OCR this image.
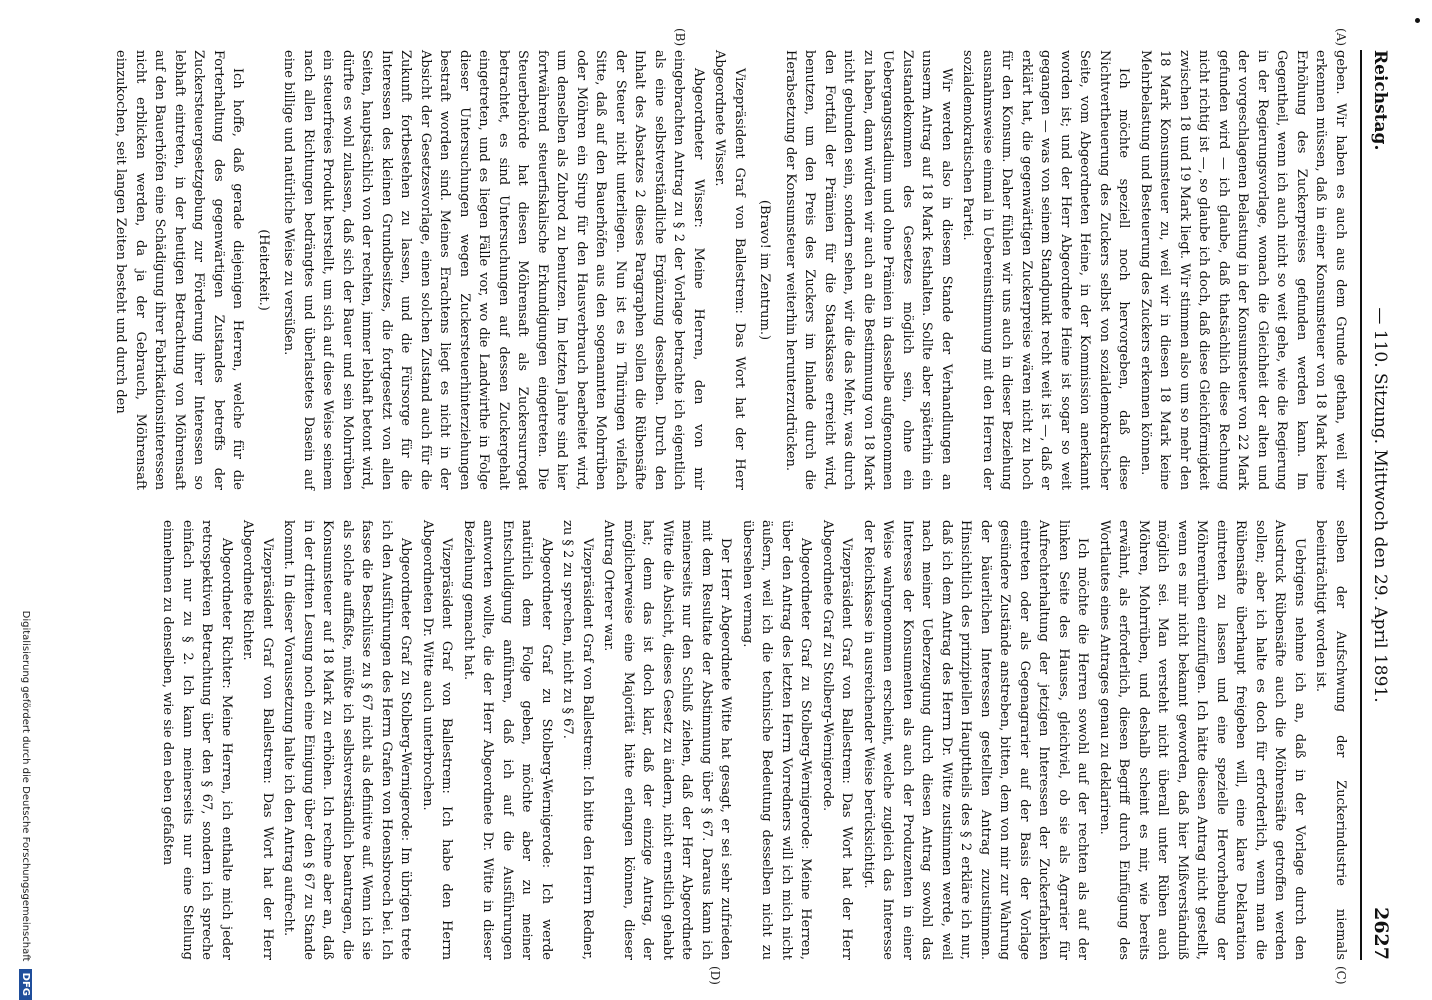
Reichstag.
— 110. Sitzung. Mittwoch den 29. April 1891.
2627
(A)
(B)
(C)
(D)

geben. Wir haben es auch aus dem Grunde gethan, weil wir erkennen müssen, daß in einer Konsumsteuer von 18 Mark keine Erhöhung des Zuckerpreises gefunden werden kann. Im Gegentheil, wenn ich auch nicht so weit gehe, wie die Regierung in der Regierungsvorlage, wonach die Gleichheit der alten und der vorgeschlagenen Belastung in der Konsumsteuer von 22 Mark gefunden wird — ich glaube, daß thatsächlich diese Rechnung nicht richtig ist —, so glaube ich doch, daß diese Gleichförmigkeit zwischen 18 und 19 Mark liegt. Wir stimmen also um so mehr den 18 Mark Konsumsteuer zu, weil wir in diesen 18 Mark keine Mehrbelastung und Besteuerung des Zuckers erkennen können.

Ich möchte speziell noch hervorgeben, daß diese Nichtvertheuerung des Zuckers selbst von sozialdemokratischer Seite, vom Abgeordneten Heine, in der Kommission anerkannt worden ist; und der Herr Abgeordnete Heine ist sogar so weit gegangen — was von seinem Standpunkt recht weit ist —, daß er erklärt hat, die gegenwärtigen Zuckerpreise wären nicht zu hoch für den Konsum. Daher fühlen wir uns auch in dieser Beziehung ausnahmsweise einmal in Uebereinstimmung mit den Herren der sozialdemokratischen Partei.

Wir werden also in diesem Stande der Verhandlungen an unserm Antrag auf 18 Mark festhalten. Sollte aber späterhin ein Zustandekommen des Gesetzes möglich sein, ohne ein Uebergangsstadium und ohne Prämien in dasselbe aufgenommen zu haben, dann würden wir auch an die Bestimmung von 18 Mark nicht gebunden sein, sondern sehen, wir die das Mehr, was durch den Fortfall der Prämien für die Staatskasse erreicht wird, benutzen, um den Preis des Zuckers im Inlande durch die Herabsetzung der Konsumsteuer weiterhin herunterzudrücken.

(Bravo! im Zentrum.)

Vizepräsident Graf von Ballestrem: Das Wort hat der Herr Abgeordnete Wisser.

Abgeordneter Wisser: Meine Herren, den von mir eingebrachten Antrag zu § 2 der Vorlage betrachte ich eigentlich als eine selbstverständliche Ergänzung desselben. Durch den Inhalt des Absatzes 2 dieses Paragraphen sollen die Rübensäfte der Steuer nicht unterliegen. Nun ist es in Thüringen vielfach Sitte, daß auf den Bauerhöfen aus den sogenannten Mohrrüben oder Möhren ein Sirup für den Hausverbrauch bearbeitet wird, um denselben als Zubrod zu benutzen. Im letzten Jahre sind hier fortwährend steuerfiskalische Erkundigungen eingetreten. Die Steuerbehörde hat diesen Möhrensaft als Zuckersurrogat betrachtet, es sind Untersuchungen auf dessen Zuckergehalt eingetreten, und es liegen Fälle vor, wo die Landwirthe in Folge dieser Untersuchungen wegen Zuckersteuerhinterziehungen bestraft worden sind. Meines Erachtens liegt es nicht in der Absicht der Gesetzesvorlage, einen solchen Zustand auch für die Zukunft fortbestehen zu lassen, und die Fürsorge für die Interessen des kleinen Grundbesitzes, die fortgesetzt von allen Seiten, hauptsächlich von der rechten, immer lebhaft betont wird, dürfte es wohl zulassen, daß sich der Bauer und sein Mohrrüben ein steuerfreies Produkt herstellt, um sich auf diese Weise seinem nach allen Richtungen bedrängtes und überlastetes Dasein auf eine billige und natürliche Weise zu versüßen.

(Heiterkeit.)

Ich hoffe, daß gerade diejenigen Herren, welche für die Forterhaltung des gegenwärtigen Zustandes betreffs der Zuckersteuergesetzgebung zur Förderung ihrer Interessen so lebhaft eintreten, in der heutigen Betrachtung von Möhrensaft auf den Bauerhöfen eine Schädigung ihrer Fabrikationsinteressen nicht erblicken werden, da ja der Gebrauch, Möhrensaft einzukochen, seit langen Zeiten besteht und durch den

selben der Aufschwung der Zuckerindustrie niemals beeinträchtigt worden ist.

Uebrigens nehme ich an, daß in der Vorlage durch den Ausdruck Rübensäfte auch die Möhrensäfte getroffen werden sollen; aber ich halte es doch für erforderlich, wenn man die Rübensäfte überhaupt freigeben will, eine klare Deklaration eintreten zu lassen und eine spezielle Hervorhebung der Möhrenrüben einzufügen. Ich hätte diesen Antrag nicht gestellt, wenn es mir nicht bekannt geworden, daß hier Mißverständniß möglich sei. Man versteht nicht überall unter Rüben auch Möhren, Mohrrüben, und deshalb scheint es mir, wie bereits erwähnt, als erforderlich, diesen Begriff durch Einfügung des Wortlautes eines Antrages genau zu deklariren.

Ich möchte die Herren sowohl auf der rechten als auf der linken Seite des Hauses, gleichviel, ob sie als Agrarier für Aufrechterhaltung der jetzigen Interessen der Zuckerfabriken eintreten oder als Gegenagrarier auf der Basis der Vorlage gesündere Zustände anstreben, bitten, dem von mir zur Wahrung der bäuerlichen Interessen gestellten Antrag zuzustimmen. Hinsichtlich des prinzipiellen Haupttheils des § 2 erkläre ich nur, daß ich dem Antrag des Herrn Dr. Witte zustimmen werde, weil nach meiner Ueberzeugung durch diesen Antrag sowohl das Interesse der Konsumenten als auch der Produzenten in einer Weise wahrgenommen erscheint, welche zugleich das Interesse der Reichskasse in ausreichender Weise berücksichtigt.

Vizepräsident Graf von Ballestrem: Das Wort hat der Herr Abgeordnete Graf zu Stolberg-Wernigerode.

Abgeordneter Graf zu Stolberg-Wernigerode: Meine Herren, über den Antrag des letzten Herrn Vorredners will ich mich nicht äußern, weil ich die technische Bedeutung desselben nicht zu übersehen vermag.

Der Herr Abgeordnete Witte hat gesagt, er sei sehr zufrieden mit dem Resultate der Abstimmung über § 67. Daraus kann ich meinerseits nur den Schluß ziehen, daß der Herr Abgeordnete Witte die Absicht, dieses Gesetz zu ändern, nicht ernstlich gehabt hat; denn das ist doch klar, daß der einzige Antrag, der möglicherweise eine Majorität hätte erlangen können, dieser Antrag Orterer war.

Vizepräsident Graf von Ballestrem: Ich bitte den Herrn Redner, zu § 2 zu sprechen, nicht zu § 67.

Abgeordneter Graf zu Stolberg-Wernigerode: Ich werde natürlich dem Folge geben, möchte aber zu meiner Entschuldigung anführen, daß ich auf die Ausführungen antworten wollte, die der Herr Abgeordnete Dr. Witte in dieser Beziehung gemacht hat.

Vizepräsident Graf von Ballestrem: Ich habe den Herrn Abgeordneten Dr. Witte auch unterbrochen.

Abgeordneter Graf zu Stolberg-Wernigerode: Im übrigen trete ich den Ausführungen des Herrn Grafen von Hoensbroech bei. Ich fasse die Beschlüsse zu § 67 nicht als definitive auf. Wenn ich sie als solche auffaßte, müßte ich selbstverständlich beantragen, die Konsumsteuer auf 18 Mark zu erhöhen. Ich rechne aber an, daß in der dritten Lesung noch eine Einigung über den § 67 zu Stande kommt. In dieser Voraussetzung halte ich den Antrag aufrecht.

Vizepräsident Graf von Ballestrem: Das Wort hat der Herr Abgeordnete Richter.

Abgeordneter Richter: Meine Herren, ich enthalte mich jeder retrospektiven Betrachtung über den § 67, sondern ich spreche einfach nur zu § 2. Ich kann meinerseits nur eine Stellung einnehmen zu denselben, wie sie den eben gefaßten

Digitalisierung gefördert durch die Deutsche Forschungsgemeinschaft DFG
